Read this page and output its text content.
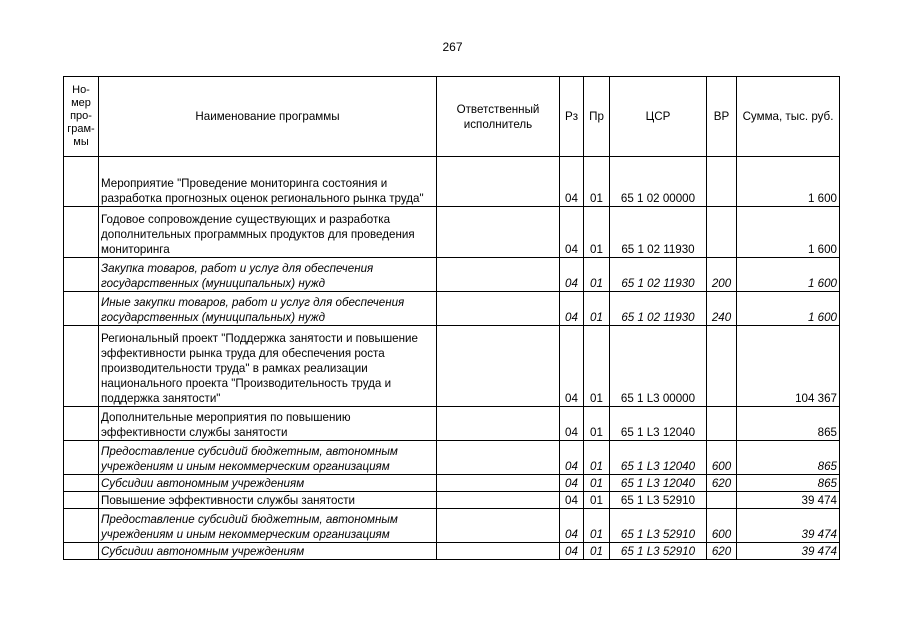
267
Но-мер про-грам-мы	Наименование программы	Ответственный исполнитель	Рз	Пр	ЦСР	ВР	Сумма, тыс. руб.
	Мероприятие "Проведение мониторинга состояния и разработка прогнозных оценок регионального рынка труда"		04	01	65 1 02 00000		1 600
	Годовое сопровождение существующих и разработка дополнительных программных продуктов для проведения мониторинга		04	01	65 1 02 11930		1 600
	Закупка товаров, работ и услуг для обеспечения государственных (муниципальных) нужд		04	01	65 1 02 11930	200	1 600
	Иные закупки товаров, работ и услуг для обеспечения государственных (муниципальных) нужд		04	01	65 1 02 11930	240	1 600
	Региональный проект "Поддержка занятости и повышение эффективности рынка труда для обеспечения роста производительности труда" в рамках реализации национального проекта "Производительность труда и поддержка занятости"		04	01	65 1 L3 00000		104 367
	Дополнительные мероприятия по повышению эффективности службы занятости		04	01	65 1 L3 12040		865
	Предоставление субсидий бюджетным, автономным учреждениям и иным некоммерческим организациям		04	01	65 1 L3 12040	600	865
	Субсидии автономным учреждениям		04	01	65 1 L3 12040	620	865
	Повышение эффективности службы занятости		04	01	65 1 L3 52910		39 474
	Предоставление субсидий бюджетным, автономным учреждениям и иным некоммерческим организациям		04	01	65 1 L3 52910	600	39 474
	Субсидии автономным учреждениям		04	01	65 1 L3 52910	620	39 474
